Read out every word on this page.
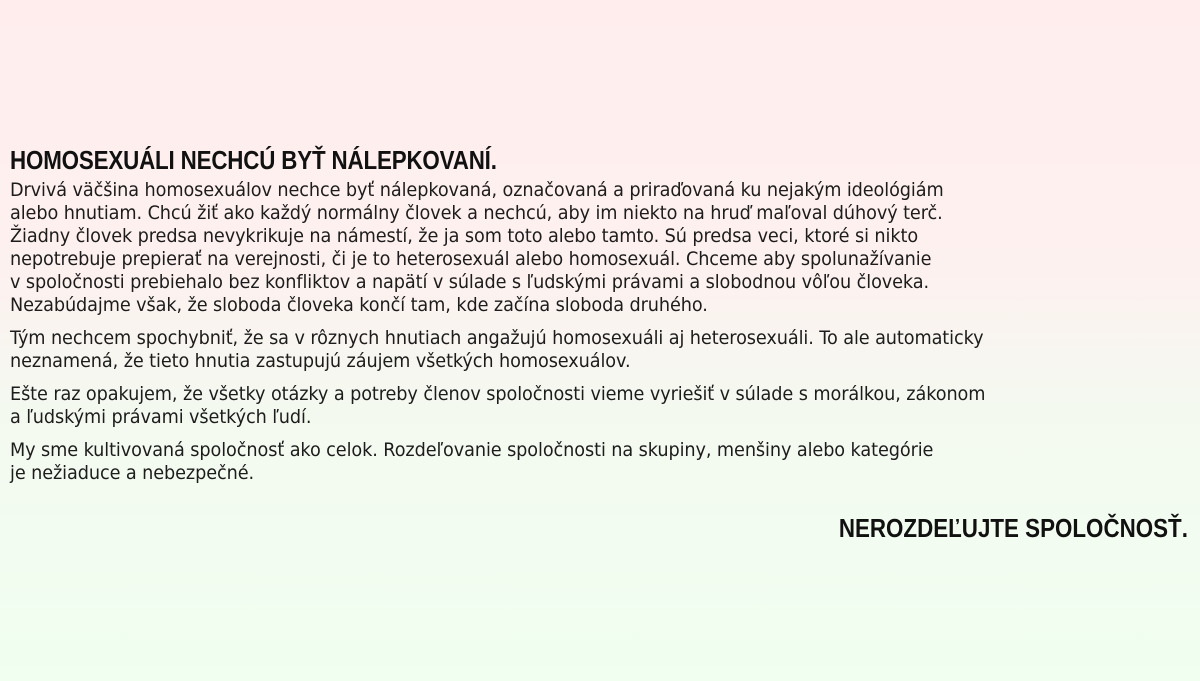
HOMOSEXUÁLI NECHCÚ BYŤ NÁLEPKOVANÍ.

Drvivá väčšina homosexuálov nechce byť nálepkovaná, označovaná a priraďovaná ku nejakým ideológiám
alebo hnutiam. Chcú žiť ako každý normálny človek a nechcú, aby im niekto na hruď maľoval dúhový terč.
Žiadny človek predsa nevykrikuje na námestí, že ja som toto alebo tamto. Sú predsa veci, ktoré si nikto
nepotrebuje prepierať na verejnosti, či je to heterosexuál alebo homosexuál. Chceme aby spolunažívanie
v spoločnosti prebiehalo bez konfliktov a napätí v súlade s ľudskými právami a slobodnou vôľou človeka.
Nezabúdajme však, že sloboda človeka končí tam, kde začína sloboda druhého.

Tým nechcem spochybniť, že sa v rôznych hnutiach angažujú homosexuáli aj heterosexuáli. To ale automaticky
neznamená, že tieto hnutia zastupujú záujem všetkých homosexuálov.

Ešte raz opakujem, že všetky otázky a potreby členov spoločnosti vieme vyriešiť v súlade s morálkou, zákonom
a ľudskými právami všetkých ľudí.

My sme kultivovaná spoločnosť ako celok. Rozdeľovanie spoločnosti na skupiny, menšiny alebo kategórie
je nežiaducе a nebezpečné.

NEROZDEĽUJTE SPOLOČNOSŤ.
